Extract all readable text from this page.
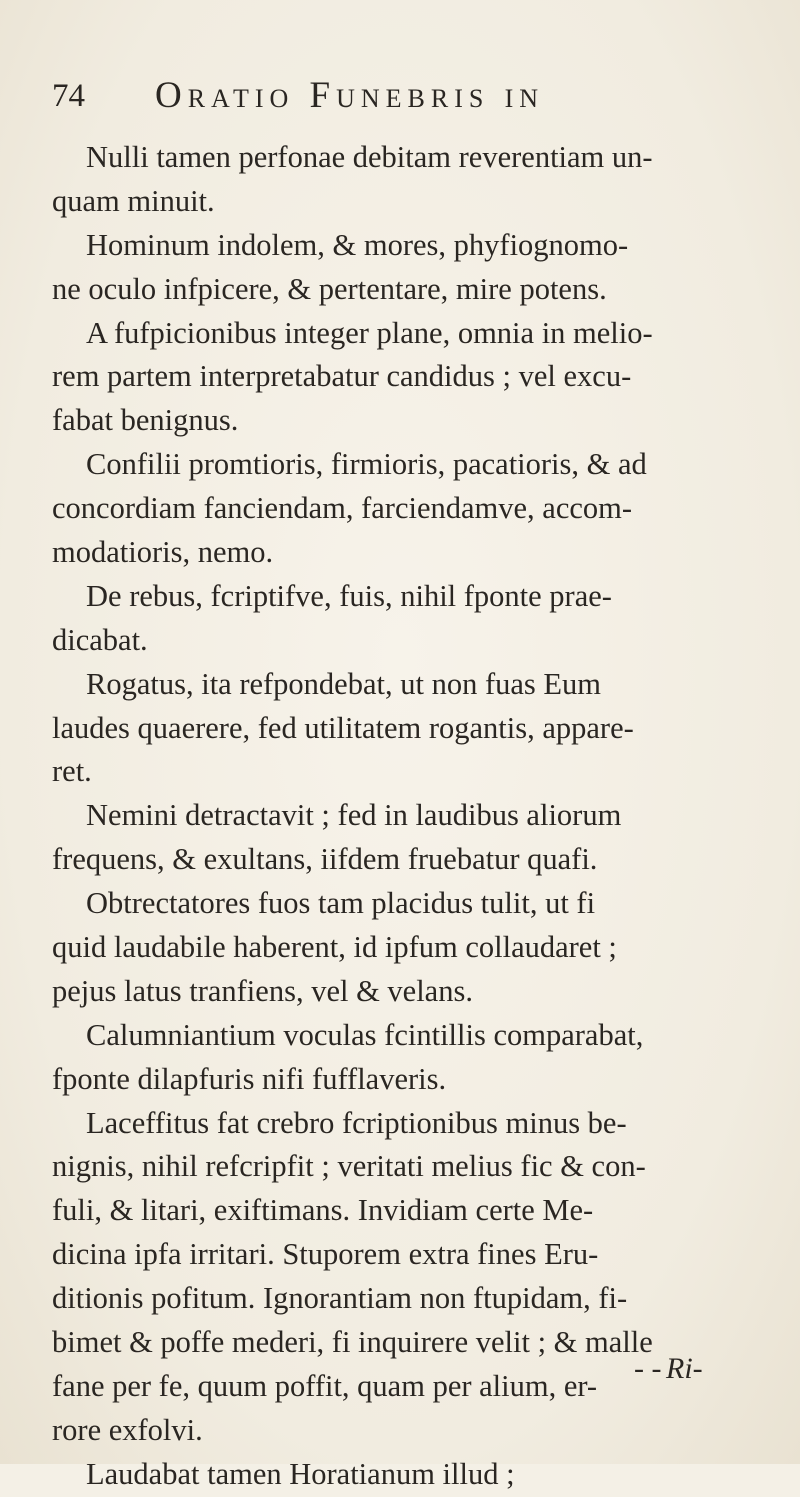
74 Oratio Funebris in
Nulli tamen perfonae debitam reverentiam un-
quam minuit.
Hominum indolem, & mores, phyfiognomo-
ne oculo infpicere, & pertentare, mire potens.
A fufpicionibus integer plane, omnia in melio-
rem partem interpretabatur candidus ; vel excu-
fabat benignus.
Confilii promtioris, firmioris, pacatioris, & ad
concordiam fanciendam, farciendamve, accom-
modatioris, nemo.
De rebus, fcriptifve, fuis, nihil fponte prae-
dicabat.
Rogatus, ita refpondebat, ut non fuas Eum
laudes quaerere, fed utilitatem rogantis, appare-
ret.
Nemini detractavit ; fed in laudibus aliorum
frequens, & exultans, iifdem fruebatur quafi.
Obtrectatores fuos tam placidus tulit, ut fi
quid laudabile haberent, id ipfum collaudaret ;
pejus latus tranfiens, vel & velans.
Calumniantium voculas fcintillis comparabat,
fponte dilapfuris nifi fufflaveris.
Laceffitus fat crebro fcriptionibus minus be-
nignis, nihil refcripfit ; veritati melius fic & con-
fuli, & litari, exiftimans. Invidiam certe Me-
dicina ipfa irritari. Stuporem extra fines Eru-
ditionis pofitum. Ignorantiam non ftupidam, fi-
bimet & poffe mederi, fi inquirere velit ; & malle
fane per fe, quum poffit, quam per alium, er-
rore exfolvi.
Laudabat tamen Horatianum illud ;
- - Ri-
